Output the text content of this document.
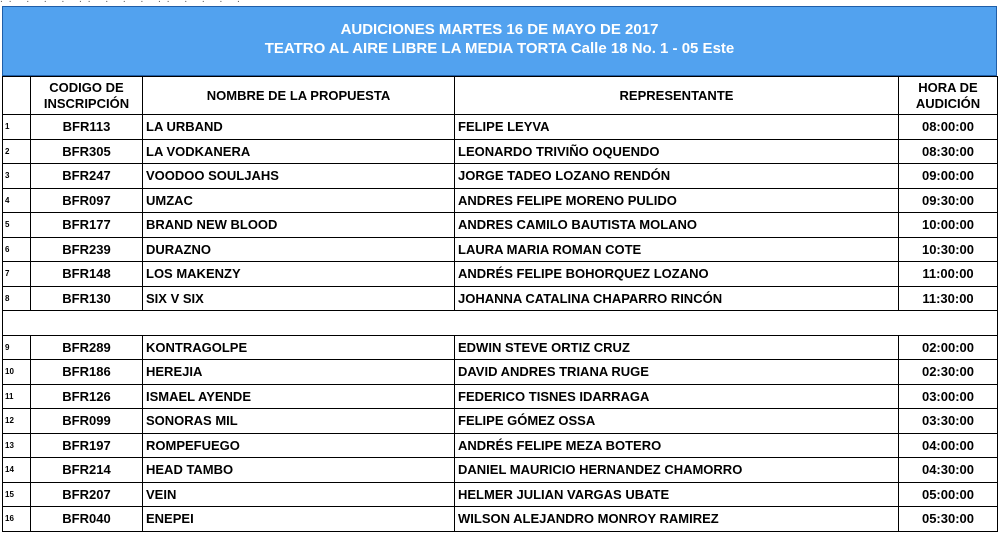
AUDICIONES MARTES 16 DE MAYO DE 2017
TEATRO AL AIRE LIBRE LA MEDIA TORTA Calle 18 No. 1 - 05 Este
	CODIGO DE INSCRIPCIÓN	NOMBRE DE LA PROPUESTA	REPRESENTANTE	HORA DE AUDICIÓN
1	BFR113	LA URBAND	FELIPE LEYVA	08:00:00
2	BFR305	LA VODKANERA	LEONARDO TRIVIÑO OQUENDO	08:30:00
3	BFR247	VOODOO SOULJAHS	JORGE TADEO LOZANO RENDÓN	09:00:00
4	BFR097	UMZAC	ANDRES FELIPE MORENO PULIDO	09:30:00
5	BFR177	BRAND NEW BLOOD	ANDRES CAMILO BAUTISTA MOLANO	10:00:00
6	BFR239	DURAZNO	LAURA MARIA ROMAN COTE	10:30:00
7	BFR148	LOS MAKENZY	ANDRÉS FELIPE BOHORQUEZ LOZANO	11:00:00
8	BFR130	SIX V SIX	JOHANNA CATALINA CHAPARRO RINCÓN	11:30:00

9	BFR289	KONTRAGOLPE	EDWIN STEVE ORTIZ CRUZ	02:00:00
10	BFR186	HEREJIA	DAVID ANDRES TRIANA RUGE	02:30:00
11	BFR126	ISMAEL AYENDE	FEDERICO TISNES IDARRAGA	03:00:00
12	BFR099	SONORAS MIL	FELIPE GÓMEZ OSSA	03:30:00
13	BFR197	ROMPEFUEGO	ANDRÉS FELIPE MEZA BOTERO	04:00:00
14	BFR214	HEAD TAMBO	DANIEL MAURICIO HERNANDEZ CHAMORRO	04:30:00
15	BFR207	VEIN	HELMER JULIAN VARGAS UBATE	05:00:00
16	BFR040	ENEPEI	WILSON ALEJANDRO MONROY RAMIREZ	05:30:00
